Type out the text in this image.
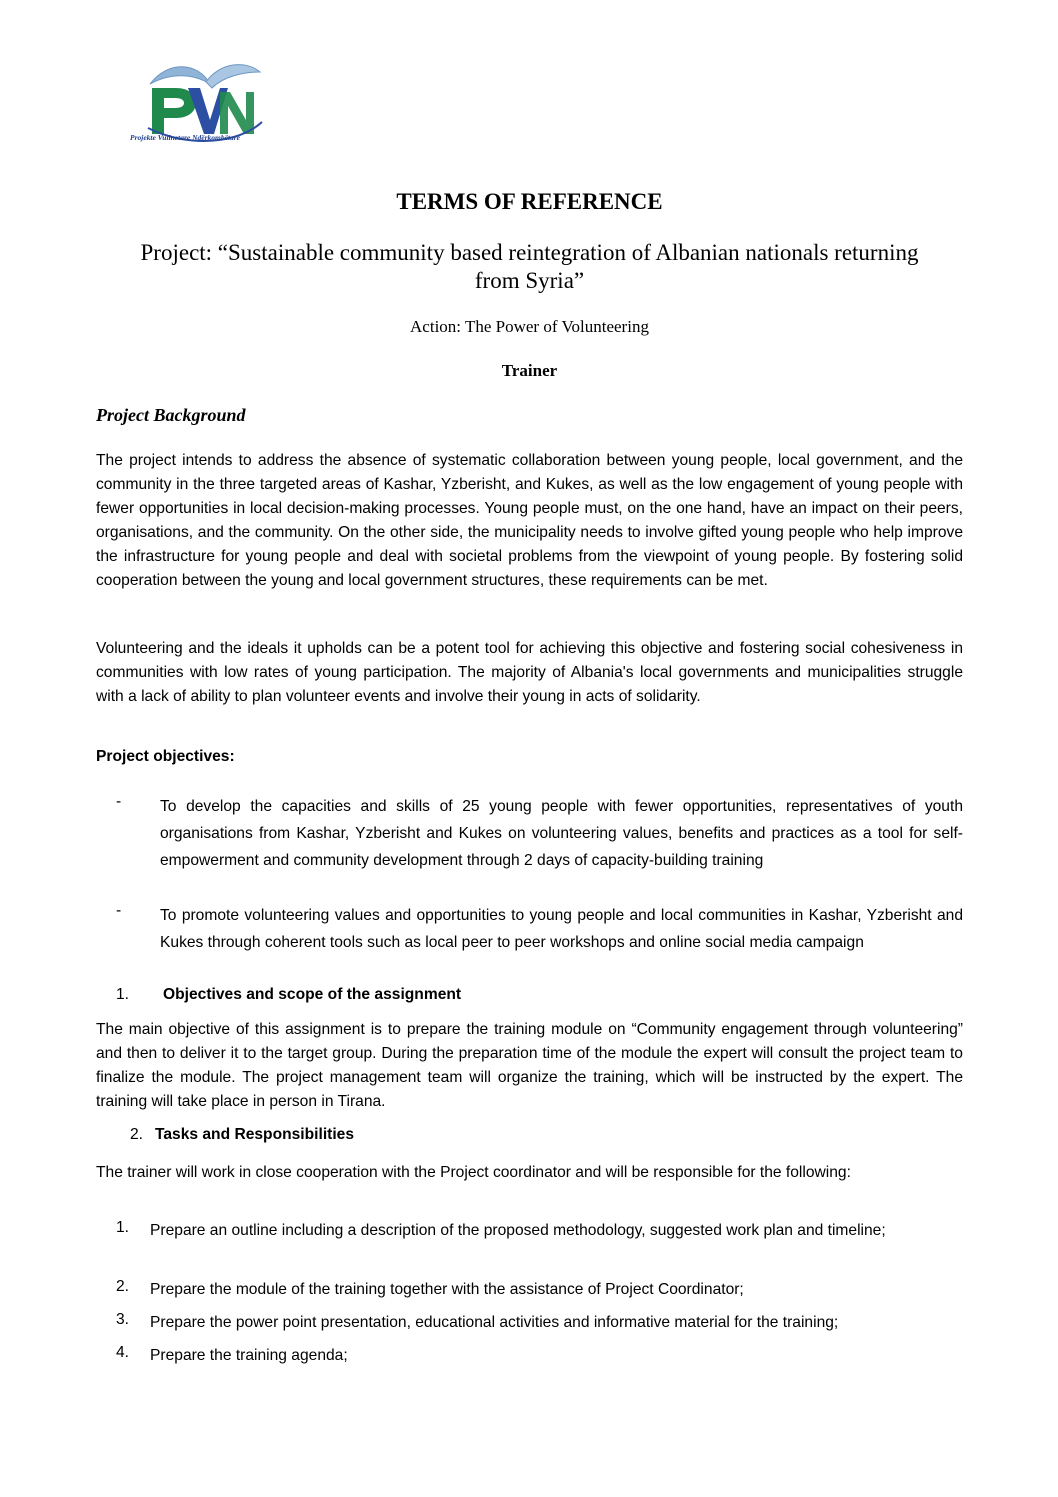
Projekte Vullnetare Ndërkombëtare
TERMS OF REFERENCE
Project: “Sustainable community based reintegration of Albanian nationals returning
from Syria”
Action: The Power of Volunteering
Trainer
Project Background
The project intends to address the absence of systematic collaboration between young people, local government, and the community in the three targeted areas of Kashar, Yzberisht, and Kukes, as well as the low engagement of young people with fewer opportunities in local decision-making processes. Young people must, on the one hand, have an impact on their peers, organisations, and the community. On the other side, the municipality needs to involve gifted young people who help improve the infrastructure for young people and deal with societal problems from the viewpoint of young people. By fostering solid cooperation between the young and local government structures, these requirements can be met.
Volunteering and the ideals it upholds can be a potent tool for achieving this objective and fostering social cohesiveness in communities with low rates of young participation. The majority of Albania's local governments and municipalities struggle with a lack of ability to plan volunteer events and involve their young in acts of solidarity.
Project objectives:
- To develop the capacities and skills of 25 young people with fewer opportunities, representatives of youth organisations from Kashar, Yzberisht and Kukes on volunteering values, benefits and practices as a tool for self-empowerment and community development through 2 days of capacity-building training
- To promote volunteering values and opportunities to young people and local communities in Kashar, Yzberisht and Kukes through coherent tools such as local peer to peer workshops and online social media campaign
1. Objectives and scope of the assignment
The main objective of this assignment is to prepare the training module on “Community engagement through volunteering” and then to deliver it to the target group. During the preparation time of the module the expert will consult the project team to finalize the module. The project management team will organize the training, which will be instructed by the expert. The training will take place in person in Tirana.
2. Tasks and Responsibilities
The trainer will work in close cooperation with the Project coordinator and will be responsible for the following:
1. Prepare an outline including a description of the proposed methodology, suggested work plan and timeline;
2. Prepare the module of the training together with the assistance of Project Coordinator;
3. Prepare the power point presentation, educational activities and informative material for the training;
4. Prepare the training agenda;
